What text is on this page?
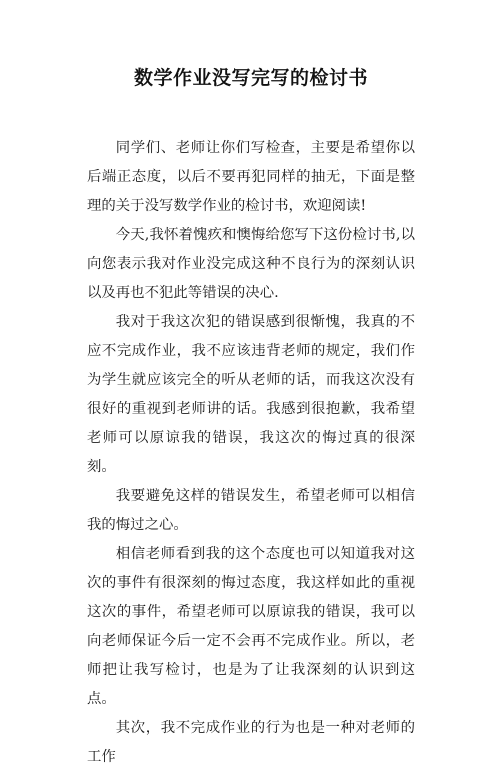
数学作业没写完写的检讨书

同学们、老师让你们写检查，主要是希望你以后端正态度，以后不要再犯同样的抽无，下面是整理的关于没写数学作业的检讨书，欢迎阅读!

今天,我怀着愧疚和懊悔给您写下这份检讨书,以向您表示我对作业没完成这种不良行为的深刻认识以及再也不犯此等错误的决心.

我对于我这次犯的错误感到很惭愧，我真的不应不完成作业，我不应该违背老师的规定，我们作为学生就应该完全的听从老师的话，而我这次没有很好的重视到老师讲的话。我感到很抱歉，我希望老师可以原谅我的错误，我这次的悔过真的很深刻。

我要避免这样的错误发生，希望老师可以相信我的悔过之心。

相信老师看到我的这个态度也可以知道我对这次的事件有很深刻的悔过态度，我这样如此的重视这次的事件，希望老师可以原谅我的错误，我可以向老师保证今后一定不会再不完成作业。所以，老师把让我写检讨，也是为了让我深刻的认识到这点。

其次，我不完成作业的行为也是一种对老师的工作
